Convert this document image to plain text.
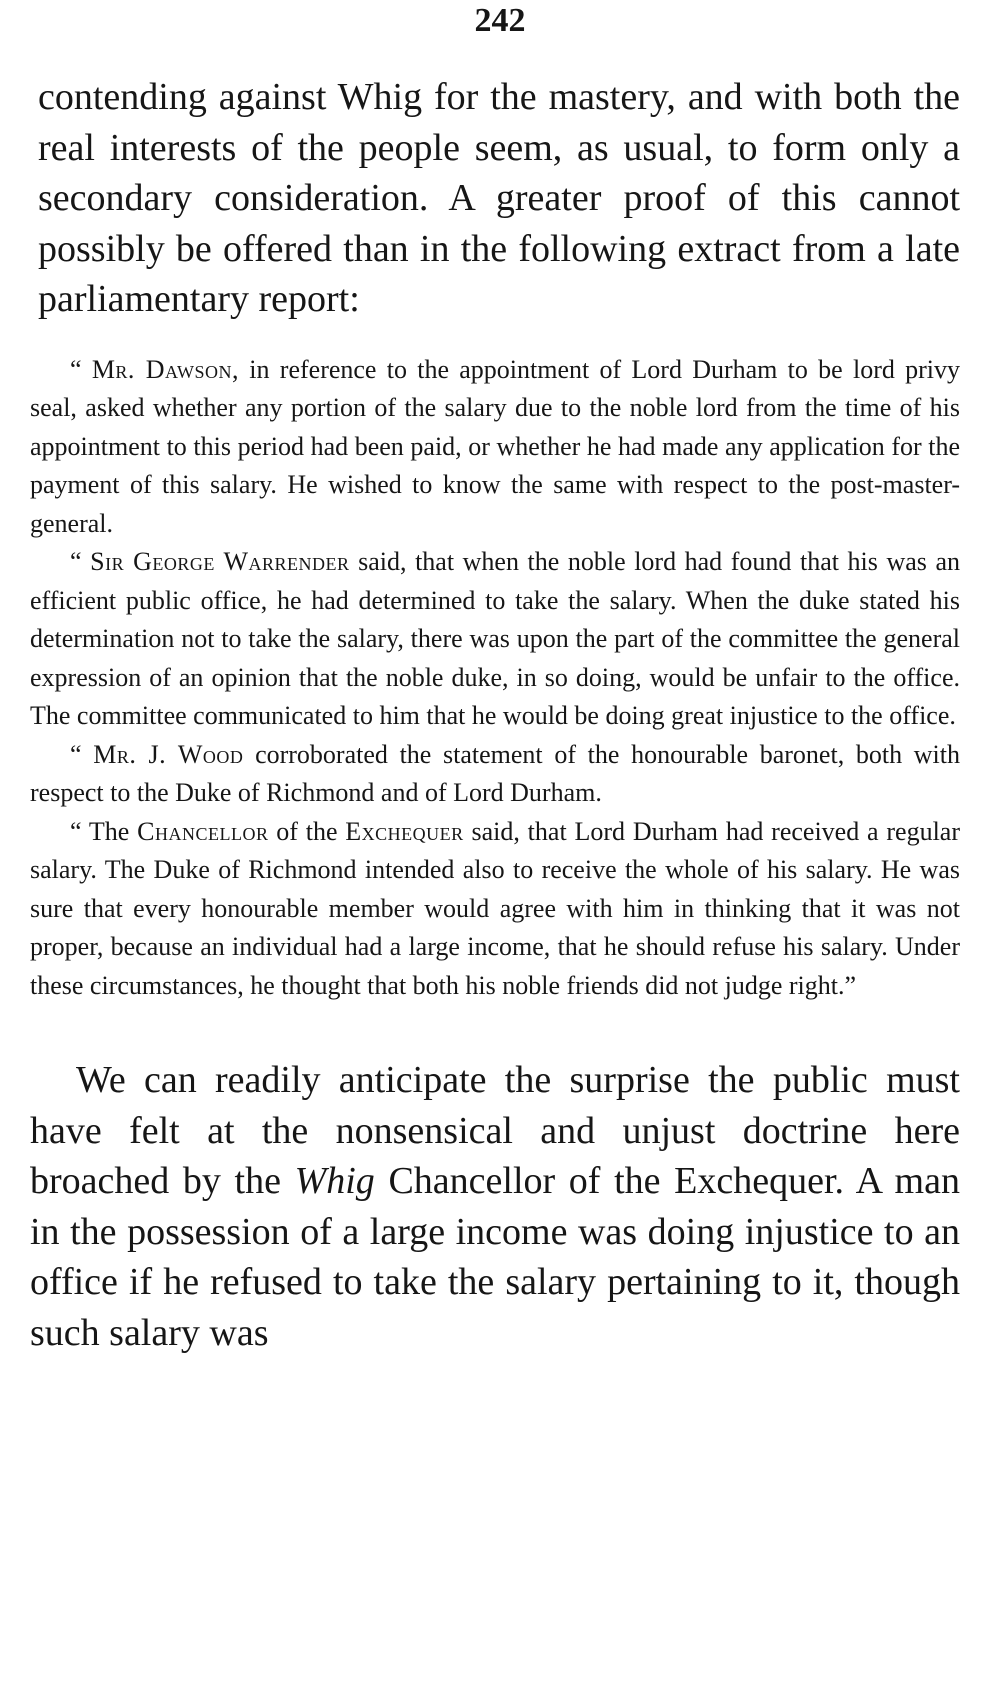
242

contending against Whig for the mastery, and with both the real interests of the people seem, as usual, to form only a secondary consideration. A greater proof of this cannot possibly be offered than in the following extract from a late parliamentary report:

“ Mr. Dawson, in reference to the appointment of Lord Durham to be lord privy seal, asked whether any portion of the salary due to the noble lord from the time of his appointment to this period had been paid, or whether he had made any application for the payment of this salary. He wished to know the same with respect to the post-master-general.

“ Sir George Warrender said, that when the noble lord had found that his was an efficient public office, he had determined to take the salary. When the duke stated his determination not to take the salary, there was upon the part of the committee the general expression of an opinion that the noble duke, in so doing, would be unfair to the office. The committee communicated to him that he would be doing great injustice to the office.

“ Mr. J. Wood corroborated the statement of the honourable baronet, both with respect to the Duke of Richmond and of Lord Durham.

“ The Chancellor of the Exchequer said, that Lord Durham had received a regular salary. The Duke of Richmond intended also to receive the whole of his salary. He was sure that every honourable member would agree with him in thinking that it was not proper, because an individual had a large income, that he should refuse his salary. Under these circumstances, he thought that both his noble friends did not judge right.”

We can readily anticipate the surprise the public must have felt at the nonsensical and unjust doctrine here broached by the Whig Chancellor of the Exchequer. A man in the possession of a large income was doing injustice to an office if he refused to take the salary pertaining to it, though such salary was
